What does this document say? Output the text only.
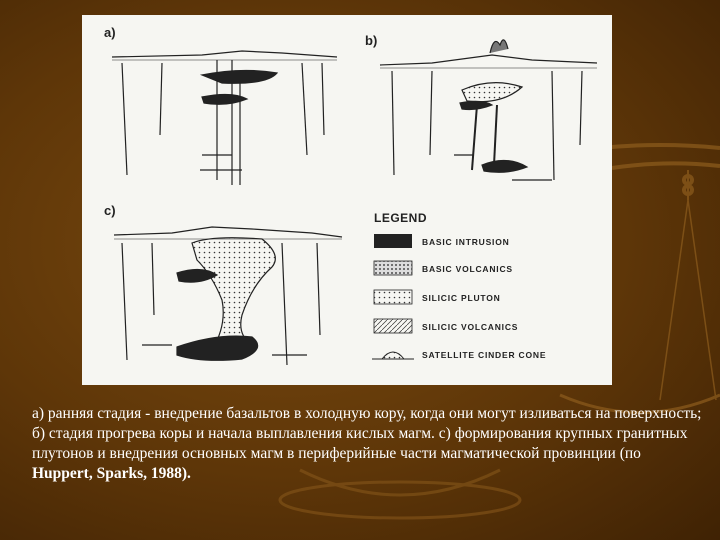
a)
b)
c)	LEGEND
BASIC INTRUSION
BASIC VOLCANICS
SILICIC PLUTON
SILICIC VOLCANICS
SATELLITE CINDER CONE
а) ранняя стадия - внедрение базальтов в холодную кору, когда они могут изливаться на поверхность; б) стадия прогрева коры и начала выплавления кислых магм. с) формирования крупных гранитных плутонов и внедрения основных магм в периферийные части магматической провинции (по Huppert, Sparks, 1988).
